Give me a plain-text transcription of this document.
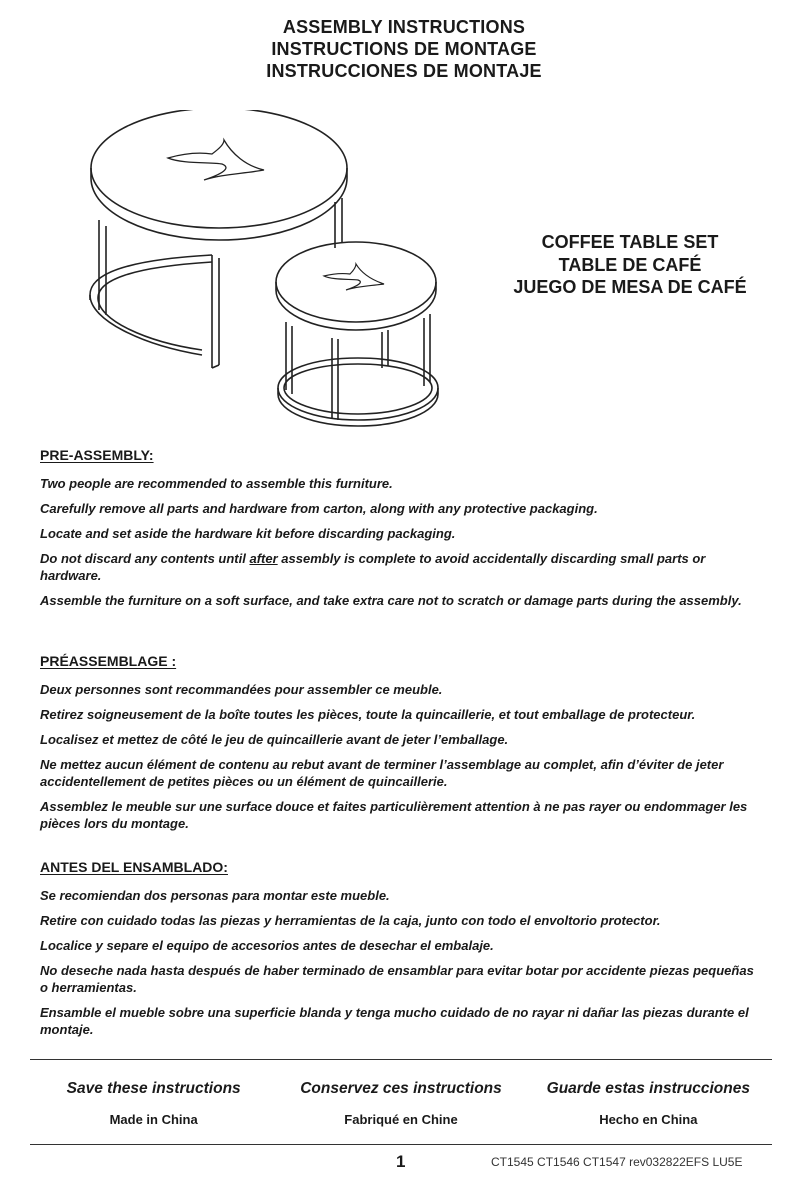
ASSEMBLY INSTRUCTIONS
INSTRUCTIONS DE MONTAGE
INSTRUCCIONES DE MONTAJE
COFFEE TABLE SET
TABLE DE CAFÉ
JUEGO DE MESA DE CAFÉ
PRE-ASSEMBLY:

Two people are recommended to assemble this furniture.

Carefully remove all parts and hardware from carton, along with any protective packaging.

Locate and set aside the hardware kit before discarding packaging.

Do not discard any contents until after assembly is complete to avoid accidentally discarding small parts or hardware.

Assemble the furniture on a soft surface, and take extra care not to scratch or damage parts during the assembly.

PRÉASSEMBLAGE :

Deux personnes sont recommandées pour assembler ce meuble.

Retirez soigneusement de la boîte toutes les pièces, toute la quincaillerie, et tout emballage de protecteur.

Localisez et mettez de côté le jeu de quincaillerie avant de jeter l’emballage.

Ne mettez aucun élément de contenu au rebut avant de terminer l’assemblage au complet, afin d’éviter de jeter accidentellement de petites pièces ou un élément de quincaillerie.

Assemblez le meuble sur une surface douce et faites particulièrement attention à ne pas rayer ou endommager les pièces lors du montage.

ANTES DEL ENSAMBLADO:

Se recomiendan dos personas para montar este mueble.

Retire con cuidado todas las piezas y herramientas de la caja, junto con todo el envoltorio protector.

Localice y separe el equipo de accesorios antes de desechar el embalaje.

No deseche nada hasta después de haber terminado de ensamblar para evitar botar por accidente piezas pequeñas o herramientas.

Ensamble el mueble sobre una superficie blanda y tenga mucho cuidado de no rayar ni dañar las piezas durante el montaje.

Save these instructions	Conservez ces instructions	Guarde estas instrucciones
Made in China	Fabriqué en Chine	Hecho en China
1	CT1545 CT1546 CT1547 rev032822EFS LU5E
